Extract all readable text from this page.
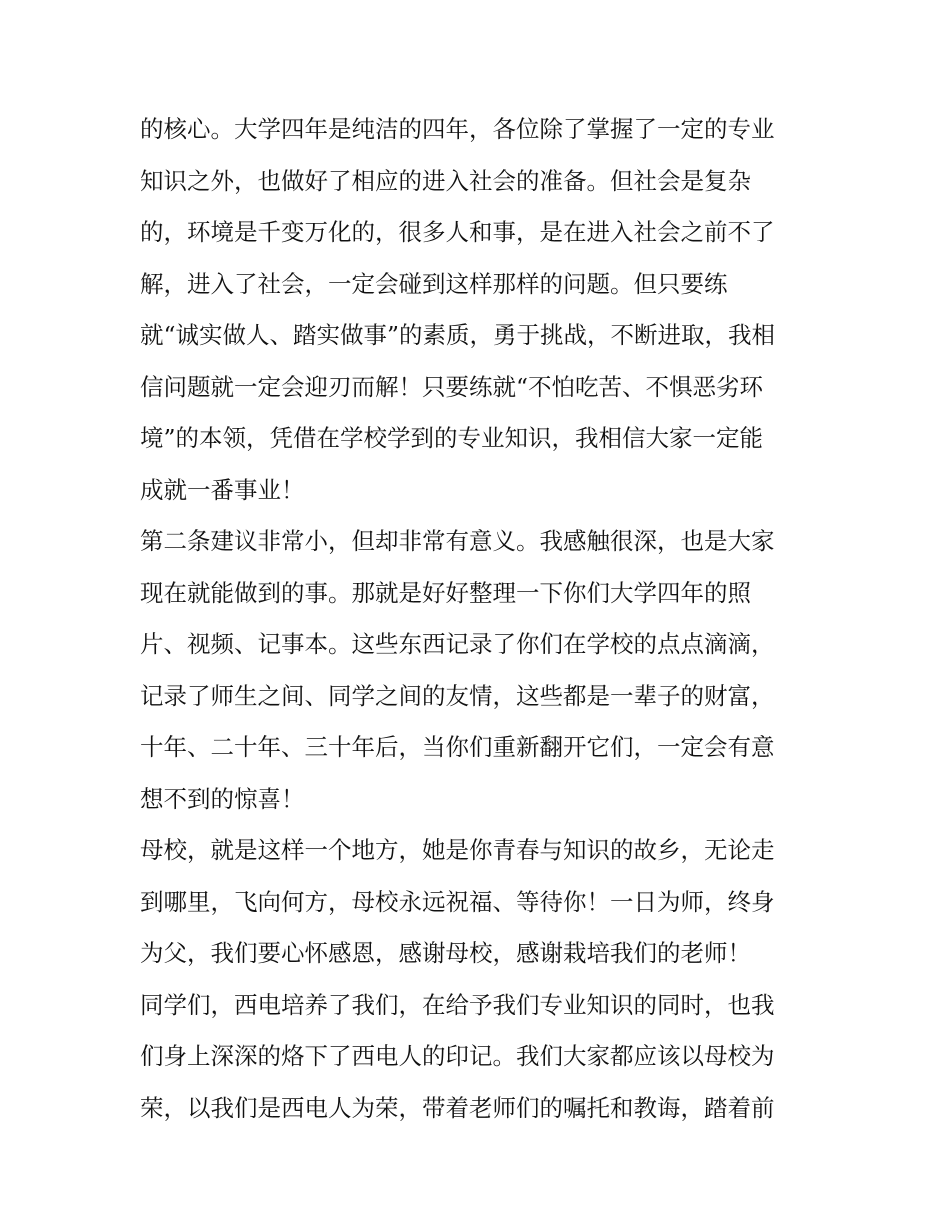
的核心。大学四年是纯洁的四年，各位除了掌握了一定的专业
知识之外，也做好了相应的进入社会的准备。但社会是复杂
的，环境是千变万化的，很多人和事，是在进入社会之前不了
解，进入了社会，一定会碰到这样那样的问题。但只要练
就“诚实做人、踏实做事”的素质，勇于挑战，不断进取，我相
信问题就一定会迎刃而解！只要练就“不怕吃苦、不惧恶劣环
境”的本领，凭借在学校学到的专业知识，我相信大家一定能
成就一番事业！
第二条建议非常小，但却非常有意义。我感触很深，也是大家
现在就能做到的事。那就是好好整理一下你们大学四年的照
片、视频、记事本。这些东西记录了你们在学校的点点滴滴，
记录了师生之间、同学之间的友情，这些都是一辈子的财富，
十年、二十年、三十年后，当你们重新翻开它们，一定会有意
想不到的惊喜！
母校，就是这样一个地方，她是你青春与知识的故乡，无论走
到哪里，飞向何方，母校永远祝福、等待你！一日为师，终身
为父，我们要心怀感恩，感谢母校，感谢栽培我们的老师！
同学们，西电培养了我们，在给予我们专业知识的同时，也我
们身上深深的烙下了西电人的印记。我们大家都应该以母校为
荣，以我们是西电人为荣，带着老师们的嘱托和教诲，踏着前
